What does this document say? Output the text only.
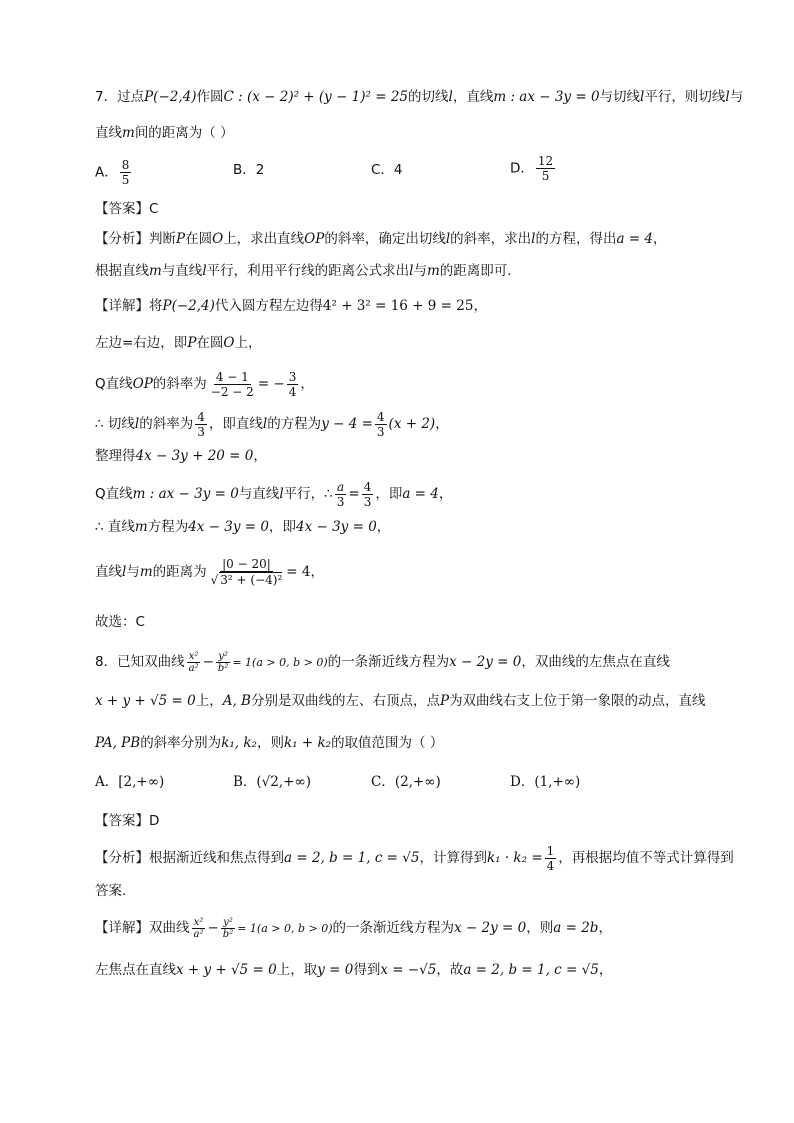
7．过点P(−2,4)作圆C : (x − 2)² + (y − 1)² = 25的切线l，直线m : ax − 3y = 0与切线l平行，则切线l与
直线m间的距离为（ ）
A． $\frac{8}{5}$	B．2	C．4	D． $\frac{12}{5}$
【答案】C
【分析】判断P在圆O上，求出直线OP的斜率，确定出切线l的斜率，求出l的方程，得出a = 4，
根据直线m与直线l平行，利用平行线的距离公式求出l与m的距离即可.
【详解】将P(−2,4)代入圆方程左边得4² + 3² = 16 + 9 = 25，
左边=右边，即P在圆O上，
Q直线OP的斜率为 $\frac{4 - 1}{-2 - 2}$ = − $\frac{3}{4}$ ，
∴ 切线l的斜率为 $\frac{4}{3}$ ，即直线l的方程为$y - 4 = \frac{4}{3} (x + 2)$，
整理得4x − 3y + 20 = 0，
Q直线m : ax − 3y = 0与直线l平行，∴ $\frac{a}{3} = \frac{4}{3}$ ，即a = 4，
∴ 直线m方程为4x − 3y = 0，即4x − 3y = 0，
直线l与m的距离为 $\frac{|0 - 20|}{\text{√ 3² + (−4)²}} = 4$，
故选：C
8．已知双曲线 $\frac{\text{x²}}{\text{a²}} - \frac{\text{y²}}{\text{b²}} = 1(a > 0$, b > 0)的一条渐近线方程为x − 2y = 0，双曲线的左焦点在直线
x + y + √5 = 0上，A, B分别是双曲线的左、右顶点，点P为双曲线右支上位于第一象限的动点，直线
PA, PB的斜率分别为k₁, k₂，则k₁ + k₂的取值范围为（ ）
A．[2,+∞)	B．(√2,+∞)	C．(2,+∞)	D．(1,+∞)
【答案】D
【分析】根据渐近线和焦点得到a = 2, b = 1, c = √5，计算得到$k_1 \cdot k_2 = \frac{1}{4}$ ，再根据均值不等式计算得到
答案.
【详解】双曲线 $\frac{\text{x²}}{\text{a²}} - \frac{\text{y²}}{\text{b²}} = 1(a > 0$, b > 0)的一条渐近线方程为x − 2y = 0，则a = 2b，
左焦点在直线x + y + √5 = 0上，取y = 0得到x = −√5，故a = 2, b = 1, c = √5，
